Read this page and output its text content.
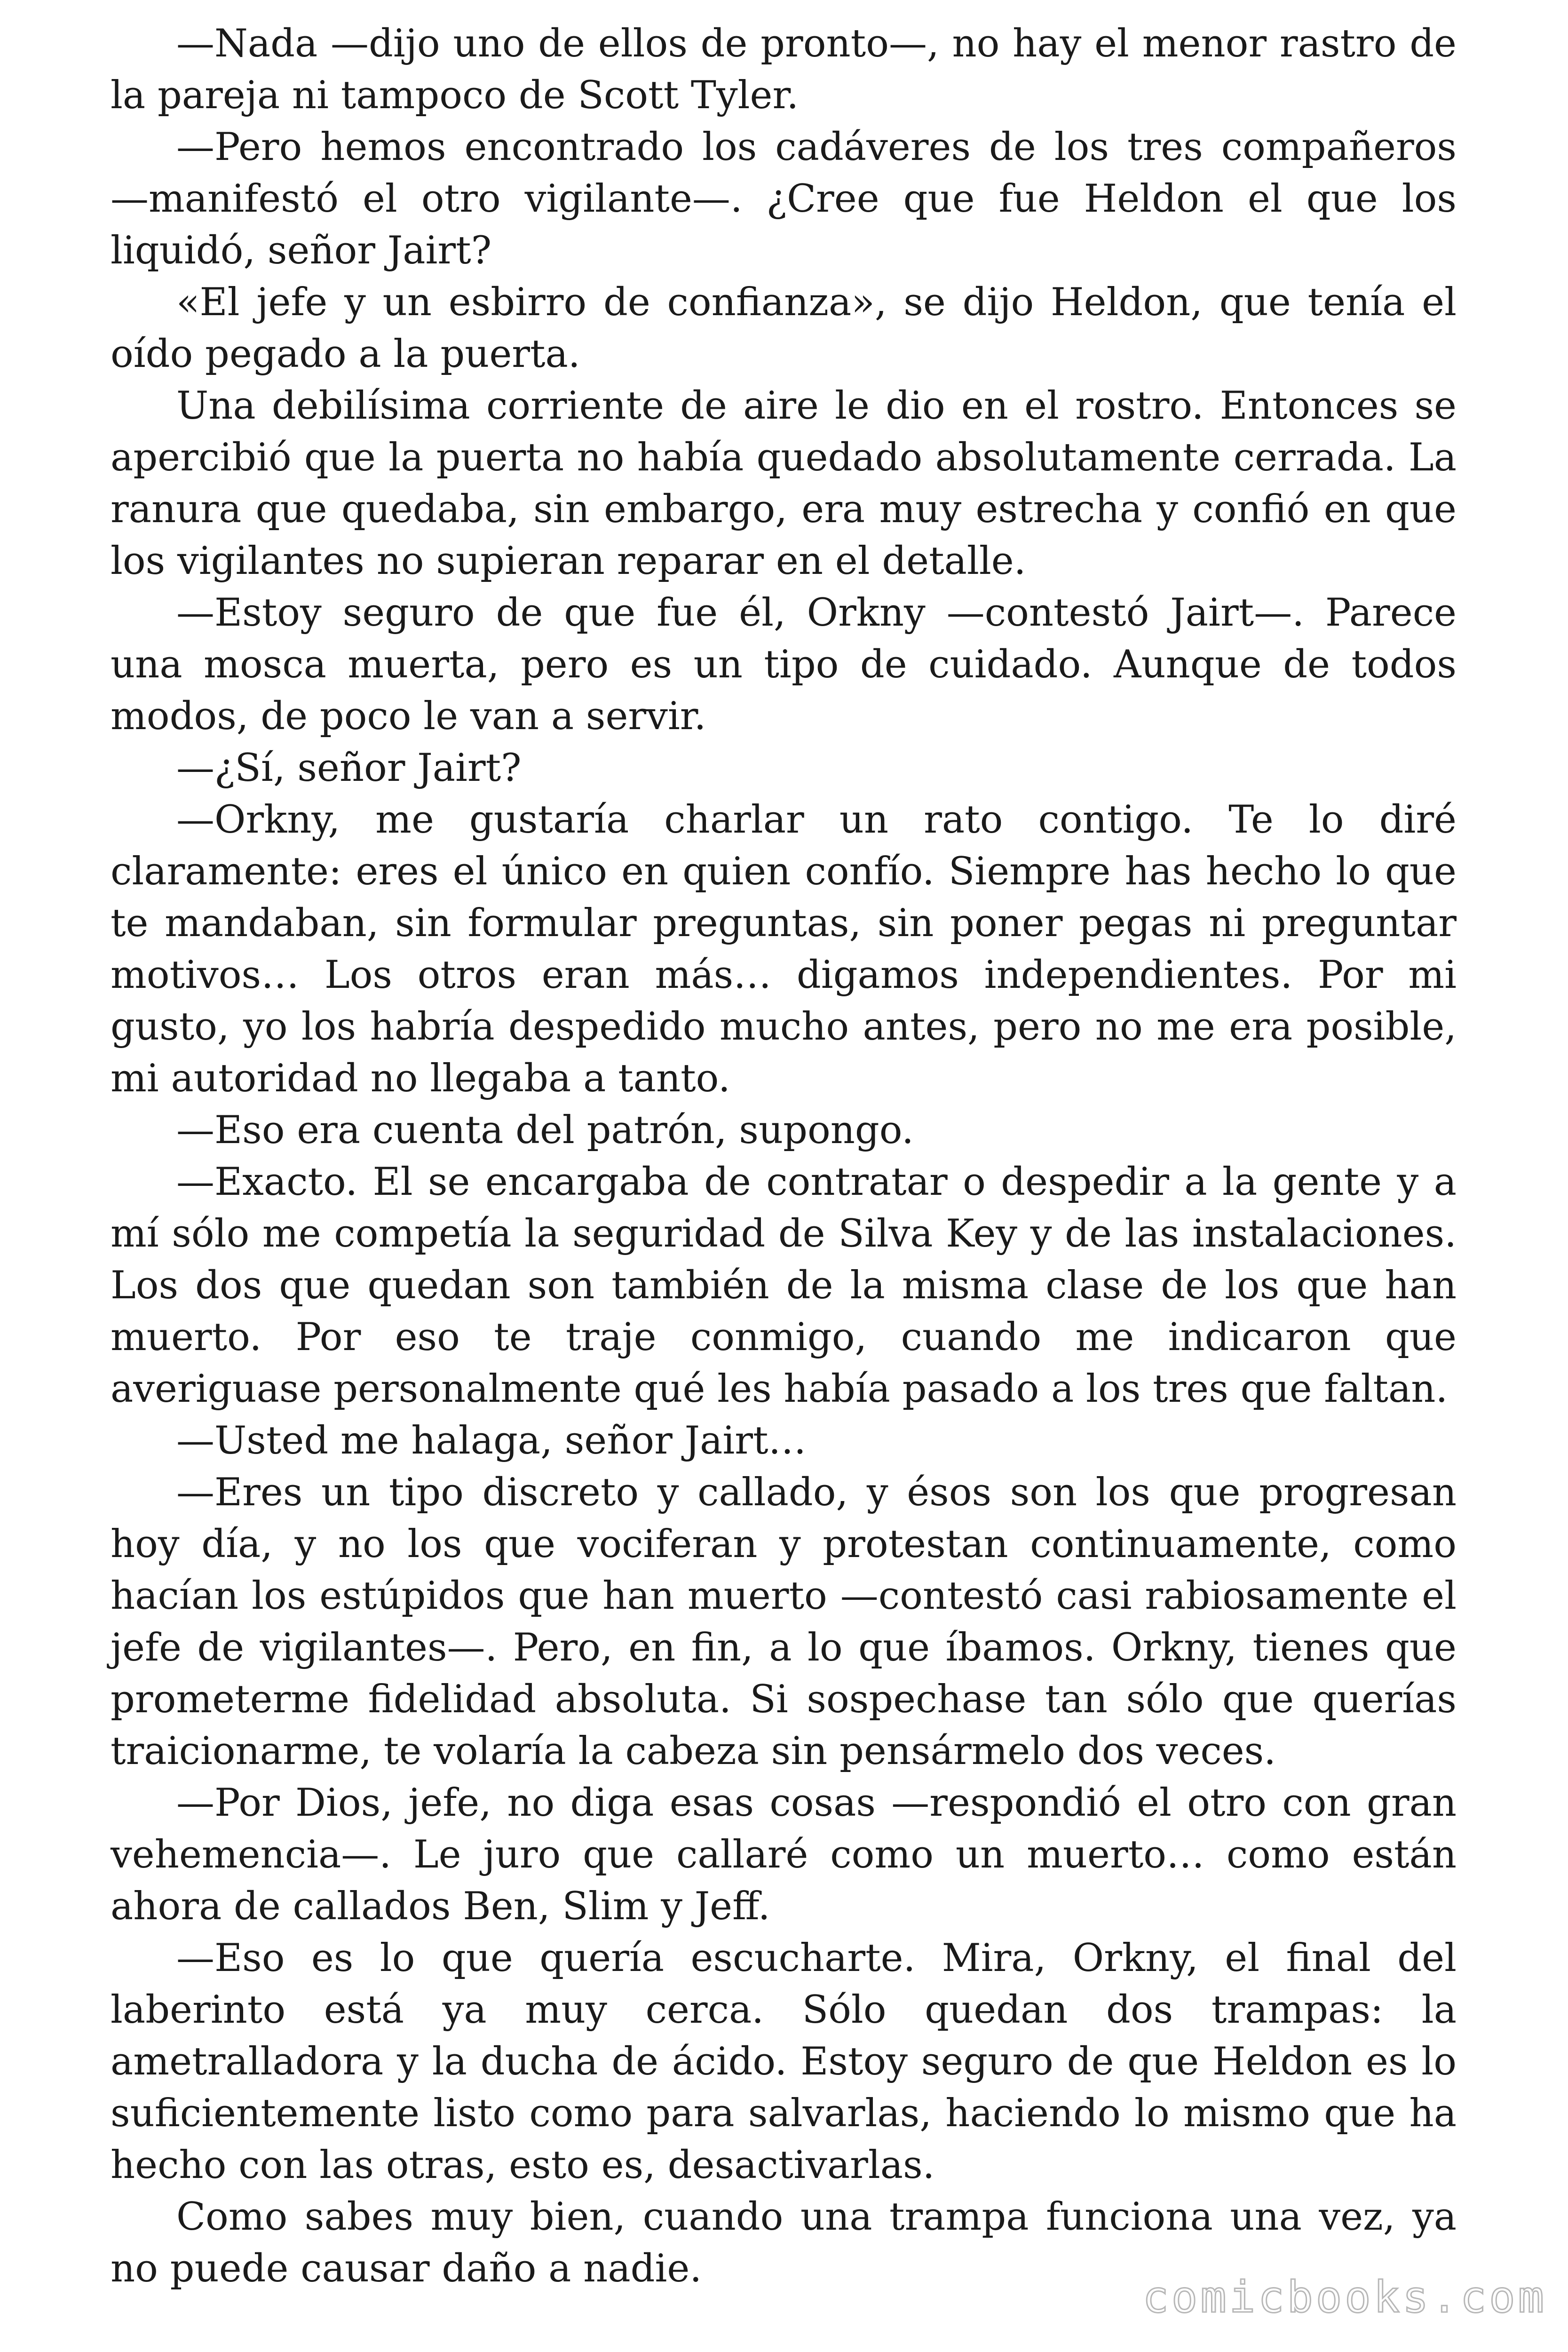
—Nada —dijo uno de ellos de pronto—, no hay el menor rastro de la pareja ni tampoco de Scott Tyler.

—Pero hemos encontrado los cadáveres de los tres compañeros —manifestó el otro vigilante—. ¿Cree que fue Heldon el que los liquidó, señor Jairt?

«El jefe y un esbirro de confianza», se dijo Heldon, que tenía el oído pegado a la puerta.

Una debilísima corriente de aire le dio en el rostro. Entonces se apercibió que la puerta no había quedado absolutamente cerrada. La ranura que quedaba, sin embargo, era muy estrecha y confió en que los vigilantes no supieran reparar en el detalle.

—Estoy seguro de que fue él, Orkny —contestó Jairt—. Parece una mosca muerta, pero es un tipo de cuidado. Aunque de todos modos, de poco le van a servir.

—¿Sí, señor Jairt?

—Orkny, me gustaría charlar un rato contigo. Te lo diré claramente: eres el único en quien confío. Siempre has hecho lo que te mandaban, sin formular preguntas, sin poner pegas ni preguntar motivos… Los otros eran más… digamos independientes. Por mi gusto, yo los habría despedido mucho antes, pero no me era posible, mi autoridad no llegaba a tanto.

—Eso era cuenta del patrón, supongo.

—Exacto. El se encargaba de contratar o despedir a la gente y a mí sólo me competía la seguridad de Silva Key y de las instalaciones. Los dos que quedan son también de la misma clase de los que han muerto. Por eso te traje conmigo, cuando me indicaron que averiguase personalmente qué les había pasado a los tres que faltan.

—Usted me halaga, señor Jairt…

—Eres un tipo discreto y callado, y ésos son los que progresan hoy día, y no los que vociferan y protestan continuamente, como hacían los estúpidos que han muerto —contestó casi rabiosamente el jefe de vigilantes—. Pero, en fin, a lo que íbamos. Orkny, tienes que prometerme fidelidad absoluta. Si sospechase tan sólo que querías traicionarme, te volaría la cabeza sin pensármelo dos veces.

—Por Dios, jefe, no diga esas cosas —respondió el otro con gran vehemencia—. Le juro que callaré como un muerto… como están ahora de callados Ben, Slim y Jeff.

—Eso es lo que quería escucharte. Mira, Orkny, el final del laberinto está ya muy cerca. Sólo quedan dos trampas: la ametralladora y la ducha de ácido. Estoy seguro de que Heldon es lo suficientemente listo como para salvarlas, haciendo lo mismo que ha hecho con las otras, esto es, desactivarlas.

Como sabes muy bien, cuando una trampa funciona una vez, ya no puede causar daño a nadie.

comicbooks.com
